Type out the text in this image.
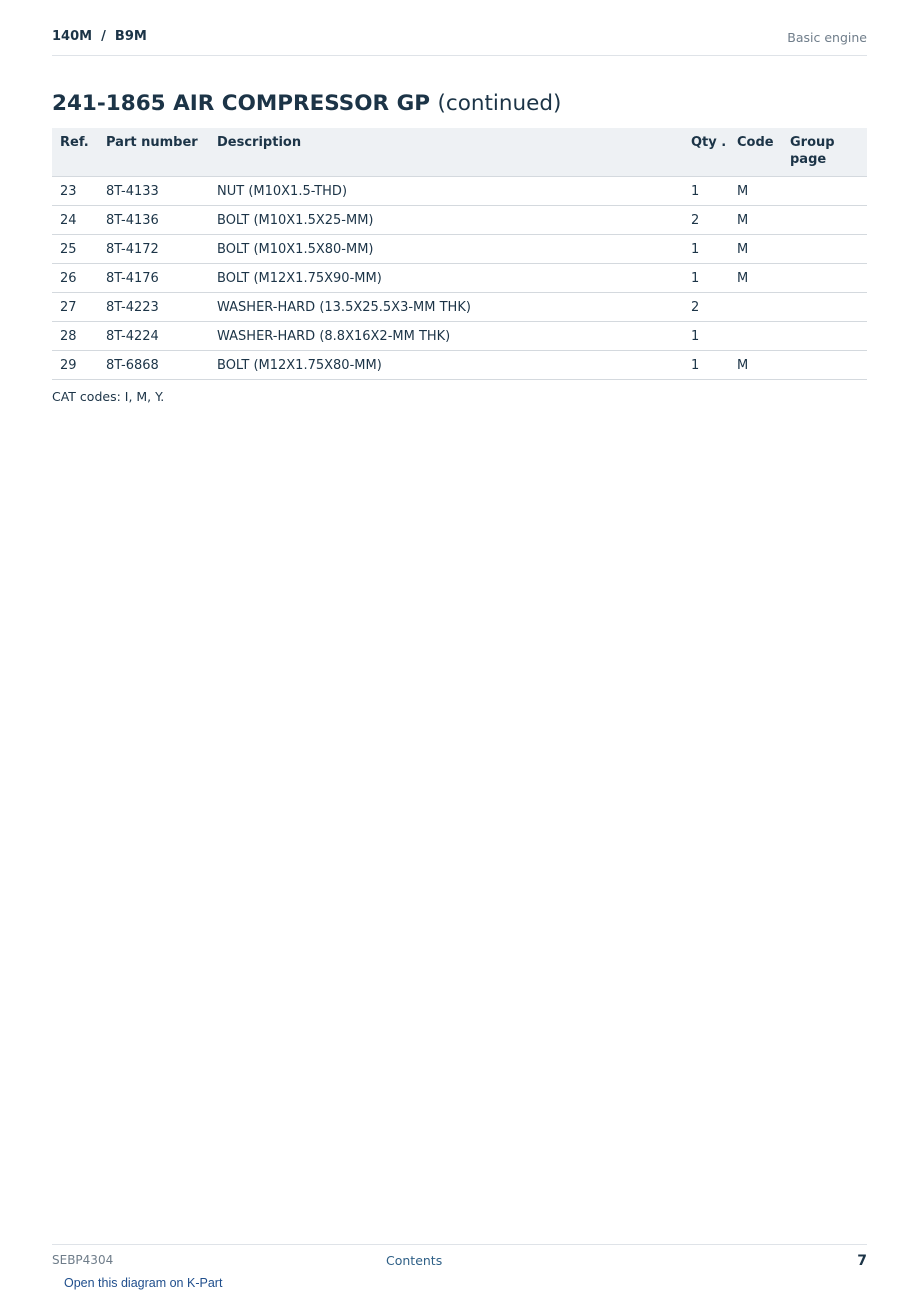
140M  /  B9M	Basic engine
241-1865 AIR COMPRESSOR GP (continued)
Ref.	Part number	Description	Qty .	Code	Group page
23	8T-4133	NUT (M10X1.5-THD)	1	M	
24	8T-4136	BOLT (M10X1.5X25-MM)	2	M	
25	8T-4172	BOLT (M10X1.5X80-MM)	1	M	
26	8T-4176	BOLT (M12X1.75X90-MM)	1	M	
27	8T-4223	WASHER-HARD (13.5X25.5X3-MM THK)	2		
28	8T-4224	WASHER-HARD (8.8X16X2-MM THK)	1		
29	8T-6868	BOLT (M12X1.75X80-MM)	1	M	
CAT codes: I, M, Y.
SEBP4304	Contents	7
Open this diagram on K-Part
